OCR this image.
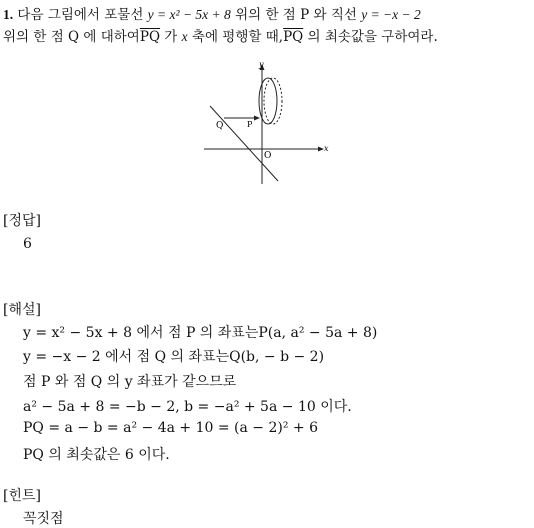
1. 다음 그림에서 포물선 y = x² − 5x + 8 위의 한 점 P 와 직선 y = −x − 2
위의 한 점 Q 에 대하여$\overline{PQ}$ 가 x 축에 평행할 때$,\overline{PQ}$ 의 최솟값을 구하여라.
Q	P
O
x
y
[정답]
6
[해설]
y = x² − 5x + 8 에서 점 P 의 좌표는P(a, a² − 5a + 8)
y = −x − 2 에서 점 Q 의 좌표는Q(b, − b − 2)
점 P 와 점 Q 의 y 좌표가 같으므로
a² − 5a + 8 = −b − 2, b = −a² + 5a − 10 이다.
PQ = a − b = a² − 4a + 10 = (a − 2)² + 6
PQ 의 최솟값은 6 이다.
[힌트]
꼭짓점
